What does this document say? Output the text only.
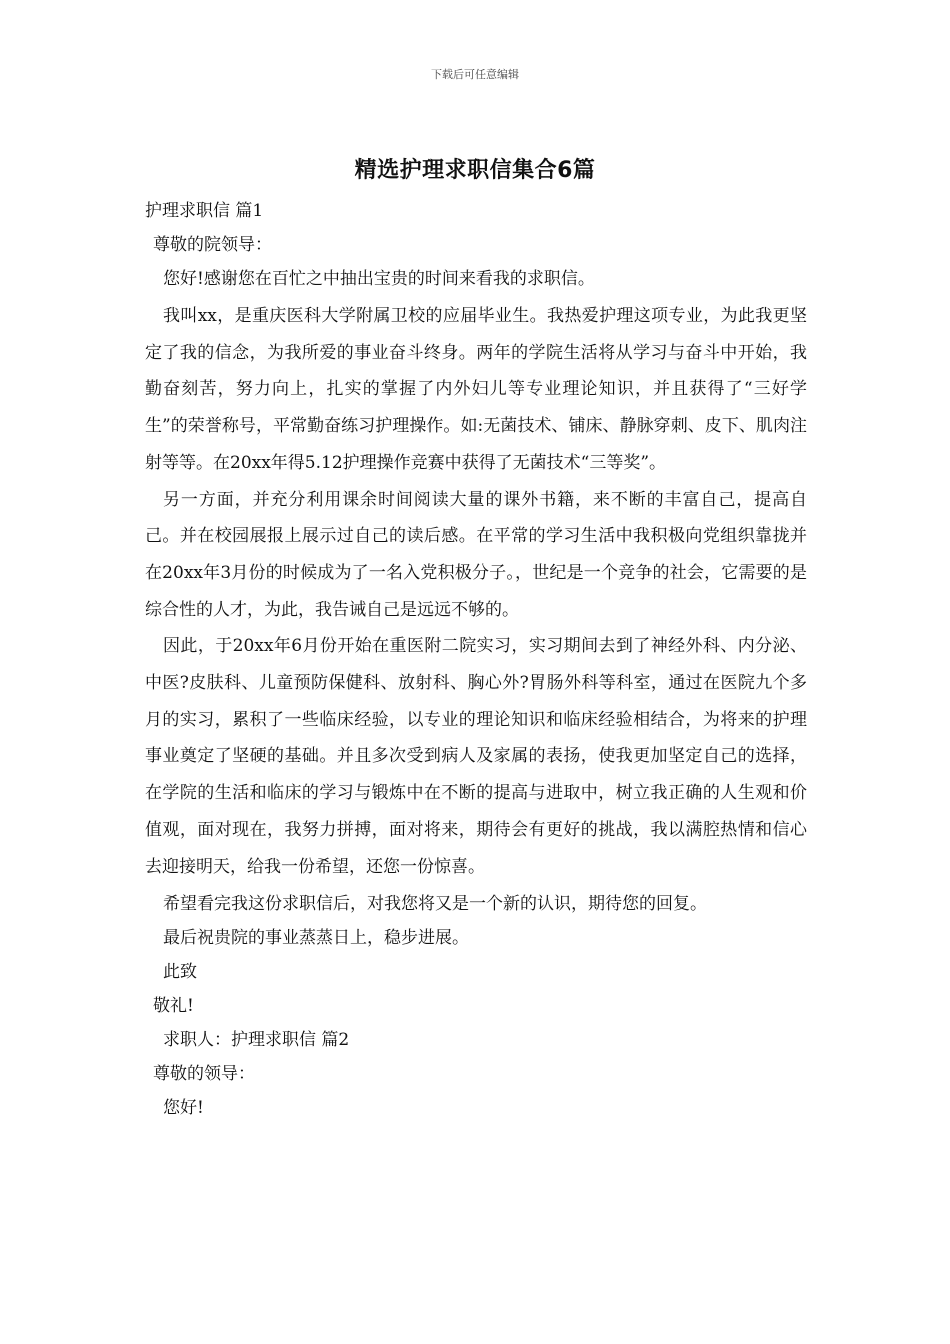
下载后可任意编辑
精选护理求职信集合6篇

护理求职信 篇1

尊敬的院领导：

您好!感谢您在百忙之中抽出宝贵的时间来看我的求职信。

我叫xx，是重庆医科大学附属卫校的应届毕业生。我热爱护理这项专业，为此我更坚定了我的信念，为我所爱的事业奋斗终身。两年的学院生活将从学习与奋斗中开始，我勤奋刻苦，努力向上，扎实的掌握了内外妇儿等专业理论知识，并且获得了“三好学生”的荣誉称号，平常勤奋练习护理操作。如:无菌技术、铺床、静脉穿刺、皮下、肌肉注射等等。在20xx年得5.12护理操作竞赛中获得了无菌技术“三等奖”。

另一方面，并充分利用课余时间阅读大量的课外书籍，来不断的丰富自己，提高自己。并在校园展报上展示过自己的读后感。在平常的学习生活中我积极向党组织靠拢并在20xx年3月份的时候成为了一名入党积极分子。，世纪是一个竞争的社会，它需要的是综合性的人才，为此，我告诫自己是远远不够的。

因此，于20xx年6月份开始在重医附二院实习，实习期间去到了神经外科、内分泌、中医?皮肤科、儿童预防保健科、放射科、胸心外?胃肠外科等科室，通过在医院九个多月的实习，累积了一些临床经验，以专业的理论知识和临床经验相结合，为将来的护理事业奠定了坚硬的基础。并且多次受到病人及家属的表扬，使我更加坚定自己的选择，在学院的生活和临床的学习与锻炼中在不断的提高与进取中，树立我正确的人生观和价值观，面对现在，我努力拼搏，面对将来，期待会有更好的挑战，我以满腔热情和信心去迎接明天，给我一份希望，还您一份惊喜。

希望看完我这份求职信后，对我您将又是一个新的认识，期待您的回复。

最后祝贵院的事业蒸蒸日上，稳步进展。

此致

敬礼!

求职人：护理求职信 篇2

尊敬的领导：

您好!
